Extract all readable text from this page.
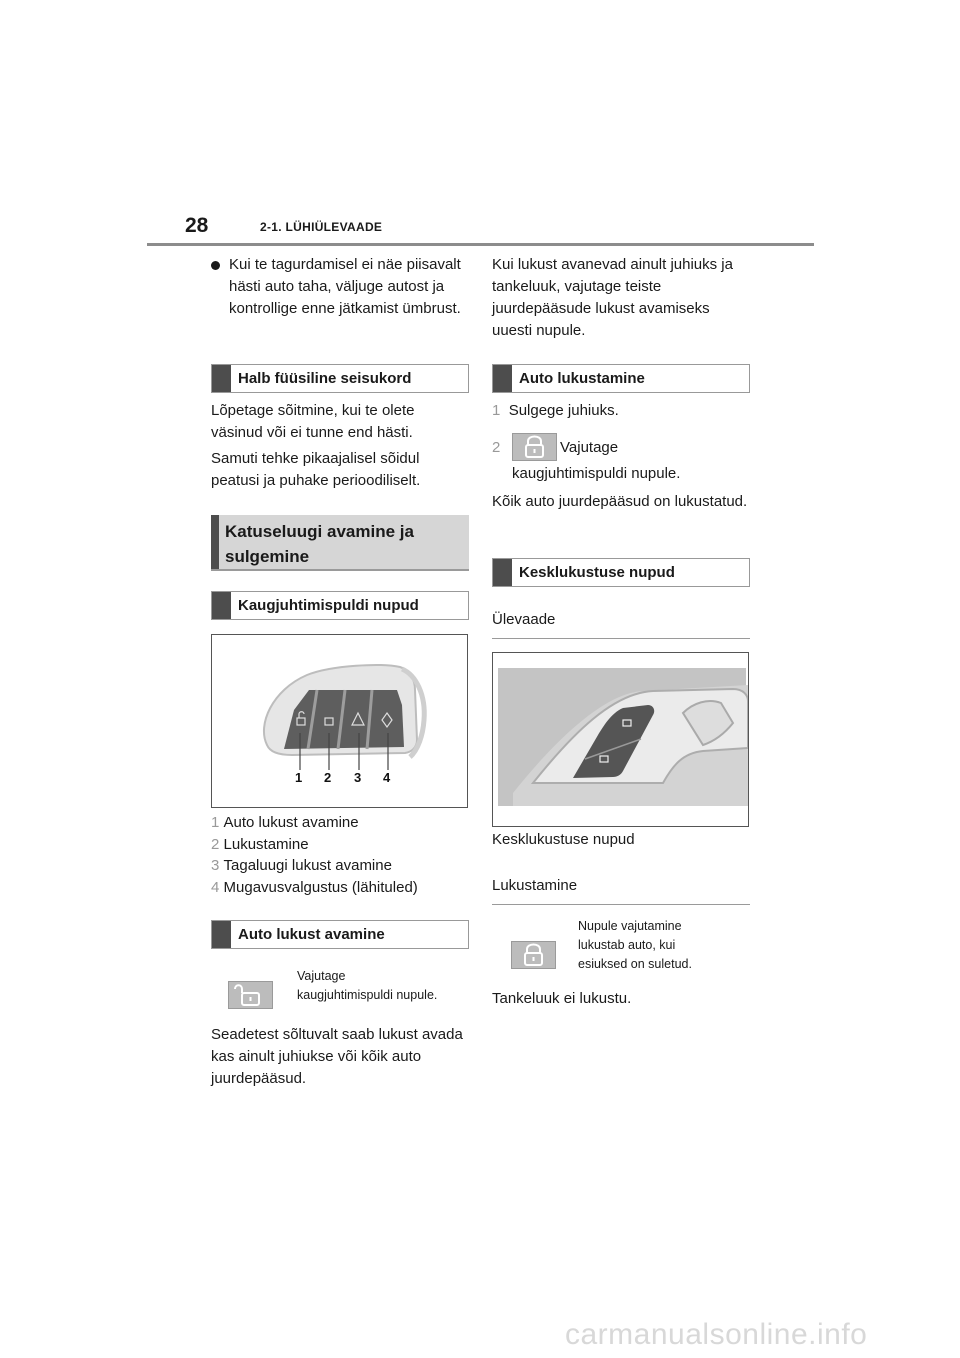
28	2-1. LÜHIÜLEVAADE
Kui te tagurdamisel ei näe piisavalt hästi auto taha, väljuge autost ja kontrollige enne jätkamist ümbrust.
Halb füüsiline seisukord
Lõpetage sõitmine, kui te olete väsinud või ei tunne end hästi.
Samuti tehke pikaajalisel sõidul peatusi ja puhake perioodiliselt.
Katuseluugi avamine ja
sulgemine
Kaugjuhtimispuldi nupud
1 2 3 4
1 Auto lukust avamine
2 Lukustamine
3 Tagaluugi lukust avamine
4 Mugavusvalgustus (lähituled)
Auto lukust avamine
Vajutage
kaugjuhtimispuldi nupule.
Seadetest sõltuvalt saab lukust avada kas ainult juhiukse või kõik auto juurdepääsud.
Kui lukust avanevad ainult juhiuks ja tankeluuk, vajutage teiste juurdepääsude lukust avamiseks uuesti nupule.
Auto lukustamine
1 Sulgege juhiuks.
2	Vajutage
kaugjuhtimispuldi nupule.
Kõik auto juurdepääsud on lukustatud.
Kesklukustuse nupud
Ülevaade
Kesklukustuse nupud
Lukustamine
Nupule vajutamine
lukustab auto, kui
esiuksed on suletud.
Tankeluuk ei lukustu.
carmanualsonline.info
